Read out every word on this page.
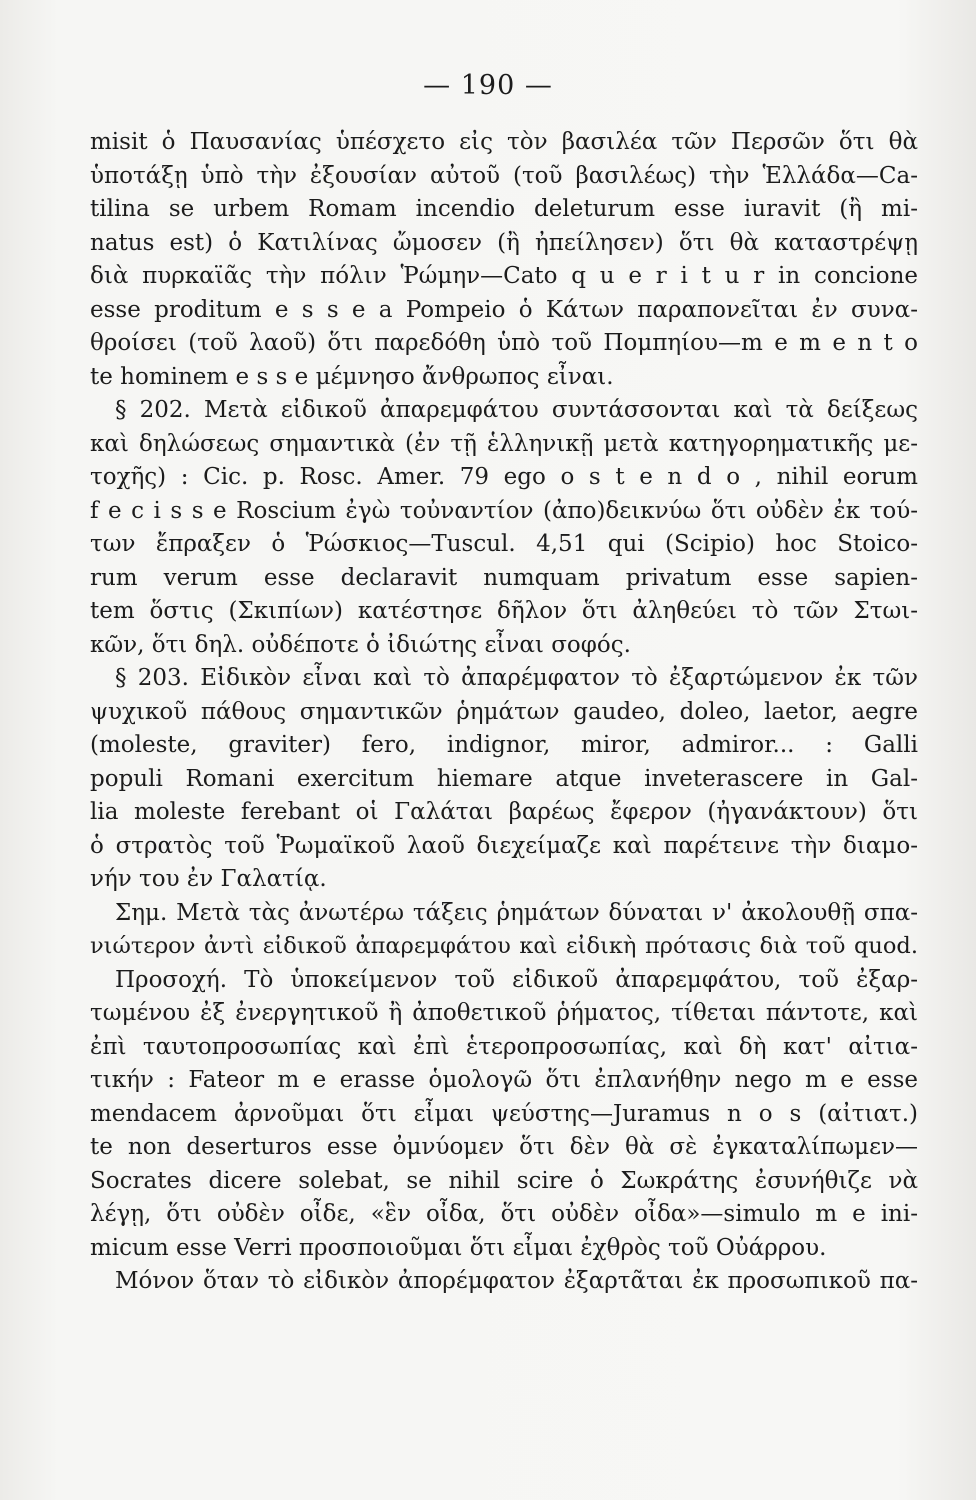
— 190 —
misit ὁ Παυσανίας ὑπέσχετο εἰς τὸν βασιλέα τῶν Περσῶν ὅτι θὰ
ὑποτάξῃ ὑπὸ τὴν ἐξουσίαν αὐτοῦ (τοῦ βασιλέως) τὴν Ἑλλάδα—Ca-
tilina se urbem Romam incendio deleturum esse iuravit (ἢ mi-
natus est) ὁ Κατιλίνας ὤμοσεν (ἢ ἠπείλησεν) ὅτι θὰ καταστρέψῃ
διὰ πυρκαϊᾶς τὴν πόλιν Ῥώμην—Cato q u e r i t u r in concione
esse proditum e s s e a Pompeio ὁ Κάτων παραπονεῖται ἐν συνα-
θροίσει (τοῦ λαοῦ) ὅτι παρεδόθη ὑπὸ τοῦ Πομπηίου—m e m e n t o
te hominem e s s e μέμνησο ἄνθρωπος εἶναι.
§ 202. Μετὰ εἰδικοῦ ἀπαρεμφάτου συντάσσονται καὶ τὰ δείξεως
καὶ δηλώσεως σημαντικὰ (ἐν τῇ ἑλληνικῇ μετὰ κατηγορηματικῆς με-
τοχῆς) : Cic. p. Rosc. Amer. 79 ego o s t e n d o , nihil eorum
f e c i s s e Roscium ἐγὼ τοὐναντίον (ἀπο)δεικνύω ὅτι οὐδὲν ἐκ τού-
των ἔπραξεν ὁ Ῥώσκιος—Tuscul. 4,51 qui (Scipio) hoc Stoico-
rum verum esse declaravit numquam privatum esse sapien-
tem ὅστις (Σκιπίων) κατέστησε δῆλον ὅτι ἀληθεύει τὸ τῶν Στωι-
κῶν, ὅτι δηλ. οὐδέποτε ὁ ἰδιώτης εἶναι σοφός.
§ 203. Εἰδικὸν εἶναι καὶ τὸ ἀπαρέμφατον τὸ ἐξαρτώμενον ἐκ τῶν
ψυχικοῦ πάθους σημαντικῶν ῥημάτων gaudeo, doleo, laetor, aegre
(moleste, graviter) fero, indignor, miror, admiror... : Galli
populi Romani exercitum hiemare atque inveterascere in Gal-
lia moleste ferebant οἱ Γαλάται βαρέως ἔφερον (ἠγανάκτουν) ὅτι
ὁ στρατὸς τοῦ Ῥωμαϊκοῦ λαοῦ διεχείμαζε καὶ παρέτεινε τὴν διαμο-
νήν του ἐν Γαλατίᾳ.
Σημ. Μετὰ τὰς ἀνωτέρω τάξεις ῥημάτων δύναται ν' ἀκολουθῇ σπα-
νιώτερον ἀντὶ εἰδικοῦ ἀπαρεμφάτου καὶ εἰδικὴ πρότασις διὰ τοῦ quod.
Προσοχή. Τὸ ὑποκείμενον τοῦ εἰδικοῦ ἀπαρεμφάτου, τοῦ ἐξαρ-
τωμένου ἐξ ἐνεργητικοῦ ἢ ἀποθετικοῦ ῥήματος, τίθεται πάντοτε, καὶ
ἐπὶ ταυτοπροσωπίας καὶ ἐπὶ ἑτεροπροσωπίας, καὶ δὴ κατ' αἰτια-
τικήν : Fateor m e erasse ὁμολογῶ ὅτι ἐπλανήθην nego m e esse
mendacem ἀρνοῦμαι ὅτι εἶμαι ψεύστης—Juramus n o s (αἰτιατ.)
te non deserturos esse ὀμνύομεν ὅτι δὲν θὰ σὲ ἐγκαταλίπωμεν—
Socrates dicere solebat, se nihil scire ὁ Σωκράτης ἐσυνήθιζε νὰ
λέγῃ, ὅτι οὐδὲν οἶδε, «ἓν οἶδα, ὅτι οὐδὲν οἶδα»—simulo m e ini-
micum esse Verri προσποιοῦμαι ὅτι εἶμαι ἐχθρὸς τοῦ Οὐάρρου.
Μόνον ὅταν τὸ εἰδικὸν ἀπορέμφατον ἐξαρτᾶται ἐκ προσωπικοῦ πα-
